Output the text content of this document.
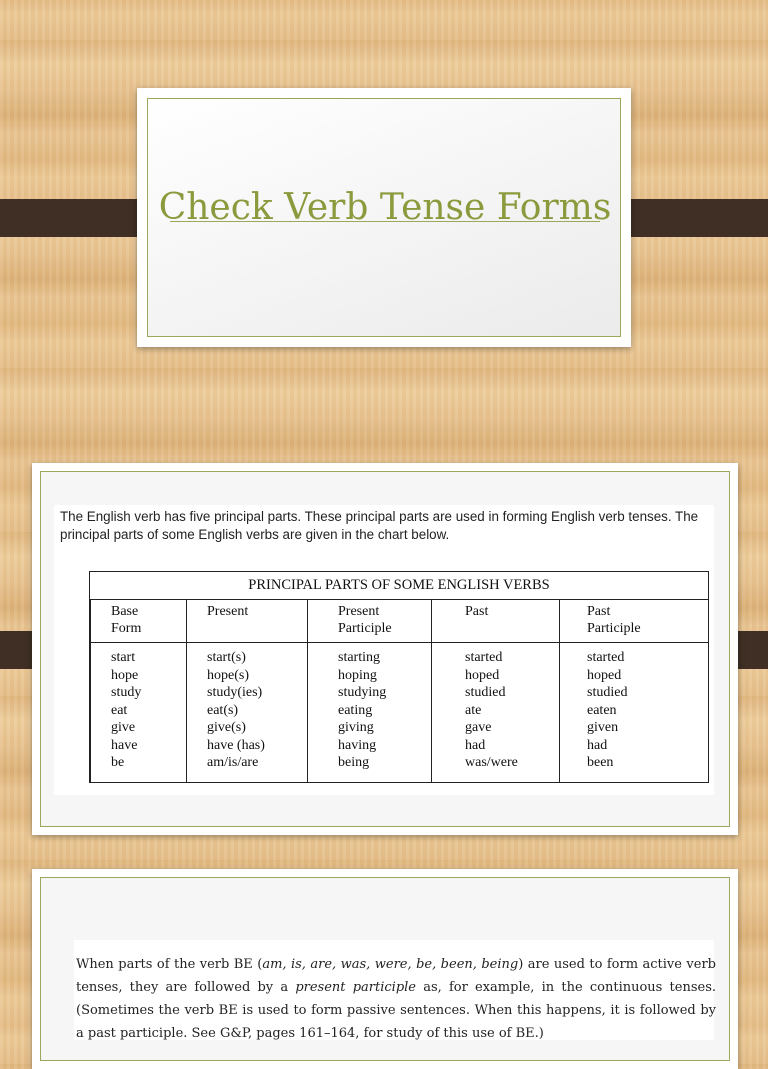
Check Verb Tense Forms
The English verb has five principal parts. These principal parts are used in forming English verb tenses. The principal parts of some English verbs are given in the chart below.
PRINCIPAL PARTS OF SOME ENGLISH VERBS
Base
Form
start
hope
study
eat
give
have
be
Present
start(s)
hope(s)
study(ies)
eat(s)
give(s)
have (has)
am/is/are
Present
Participle
starting
hoping
studying
eating
giving
having
being
Past
started
hoped
studied
ate
gave
had
was/were
Past
Participle
started
hoped
studied
eaten
given
had
been
When parts of the verb BE (am, is, are, was, were, be, been, being) are used to form active verb tenses, they are followed by a present participle as, for example, in the continuous tenses. (Sometimes the verb BE is used to form passive sentences. When this happens, it is followed by a past participle. See G&P, pages 161–164, for study of this use of BE.)
